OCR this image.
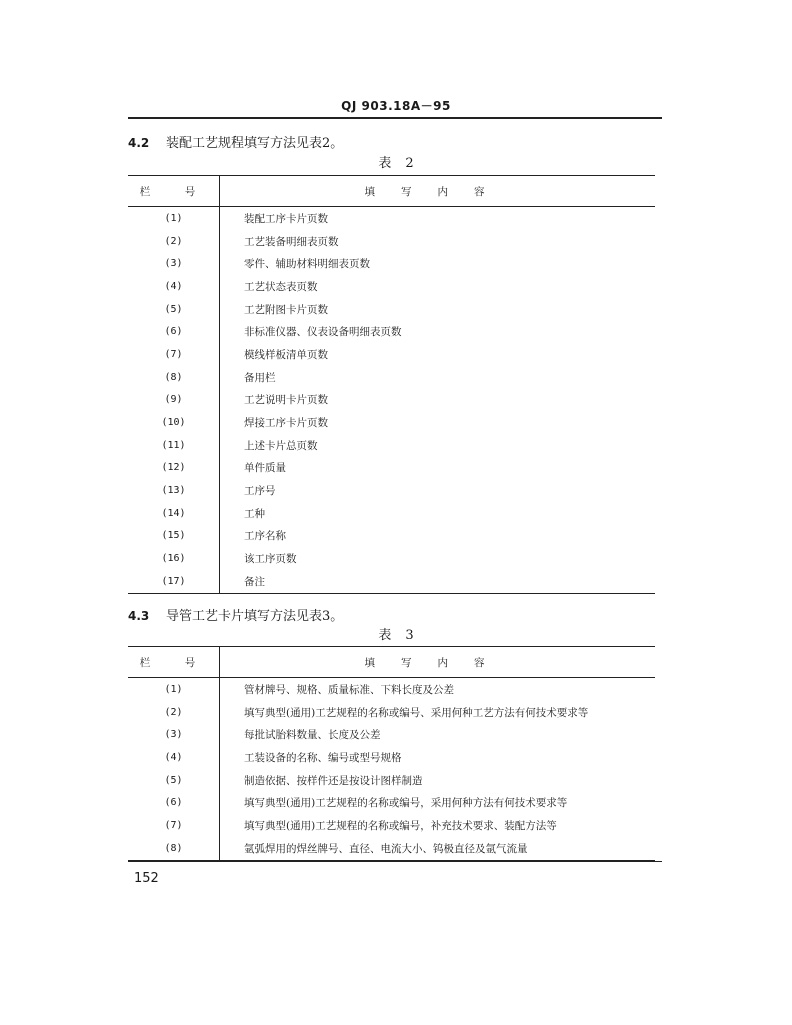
QJ 903.18A－95
4.2 装配工艺规程填写方法见表2。
表 2
栏　号	填写内容
(1)	装配工序卡片页数
(2)	工艺装备明细表页数
(3)	零件、辅助材料明细表页数
(4)	工艺状态表页数
(5)	工艺附图卡片页数
(6)	非标准仪器、仪表设备明细表页数
(7)	模线样板清单页数
(8)	备用栏
(9)	工艺说明卡片页数
(10)	焊接工序卡片页数
(11)	上述卡片总页数
(12)	单件质量
(13)	工序号
(14)	工种
(15)	工序名称
(16)	该工序页数
(17)	备注
4.3 导管工艺卡片填写方法见表3。
表 3
栏　号	填写内容
(1)	管材牌号、规格、质量标准、下料长度及公差
(2)	填写典型(通用)工艺规程的名称或编号、采用何种工艺方法有何技术要求等
(3)	每批试胎料数量、长度及公差
(4)	工装设备的名称、编号或型号规格
(5)	制造依据、按样件还是按设计图样制造
(6)	填写典型(通用)工艺规程的名称或编号，采用何种方法有何技术要求等
(7)	填写典型(通用)工艺规程的名称或编号，补充技术要求、装配方法等
(8)	氩弧焊用的焊丝牌号、直径、电流大小、钨极直径及氩气流量
152
